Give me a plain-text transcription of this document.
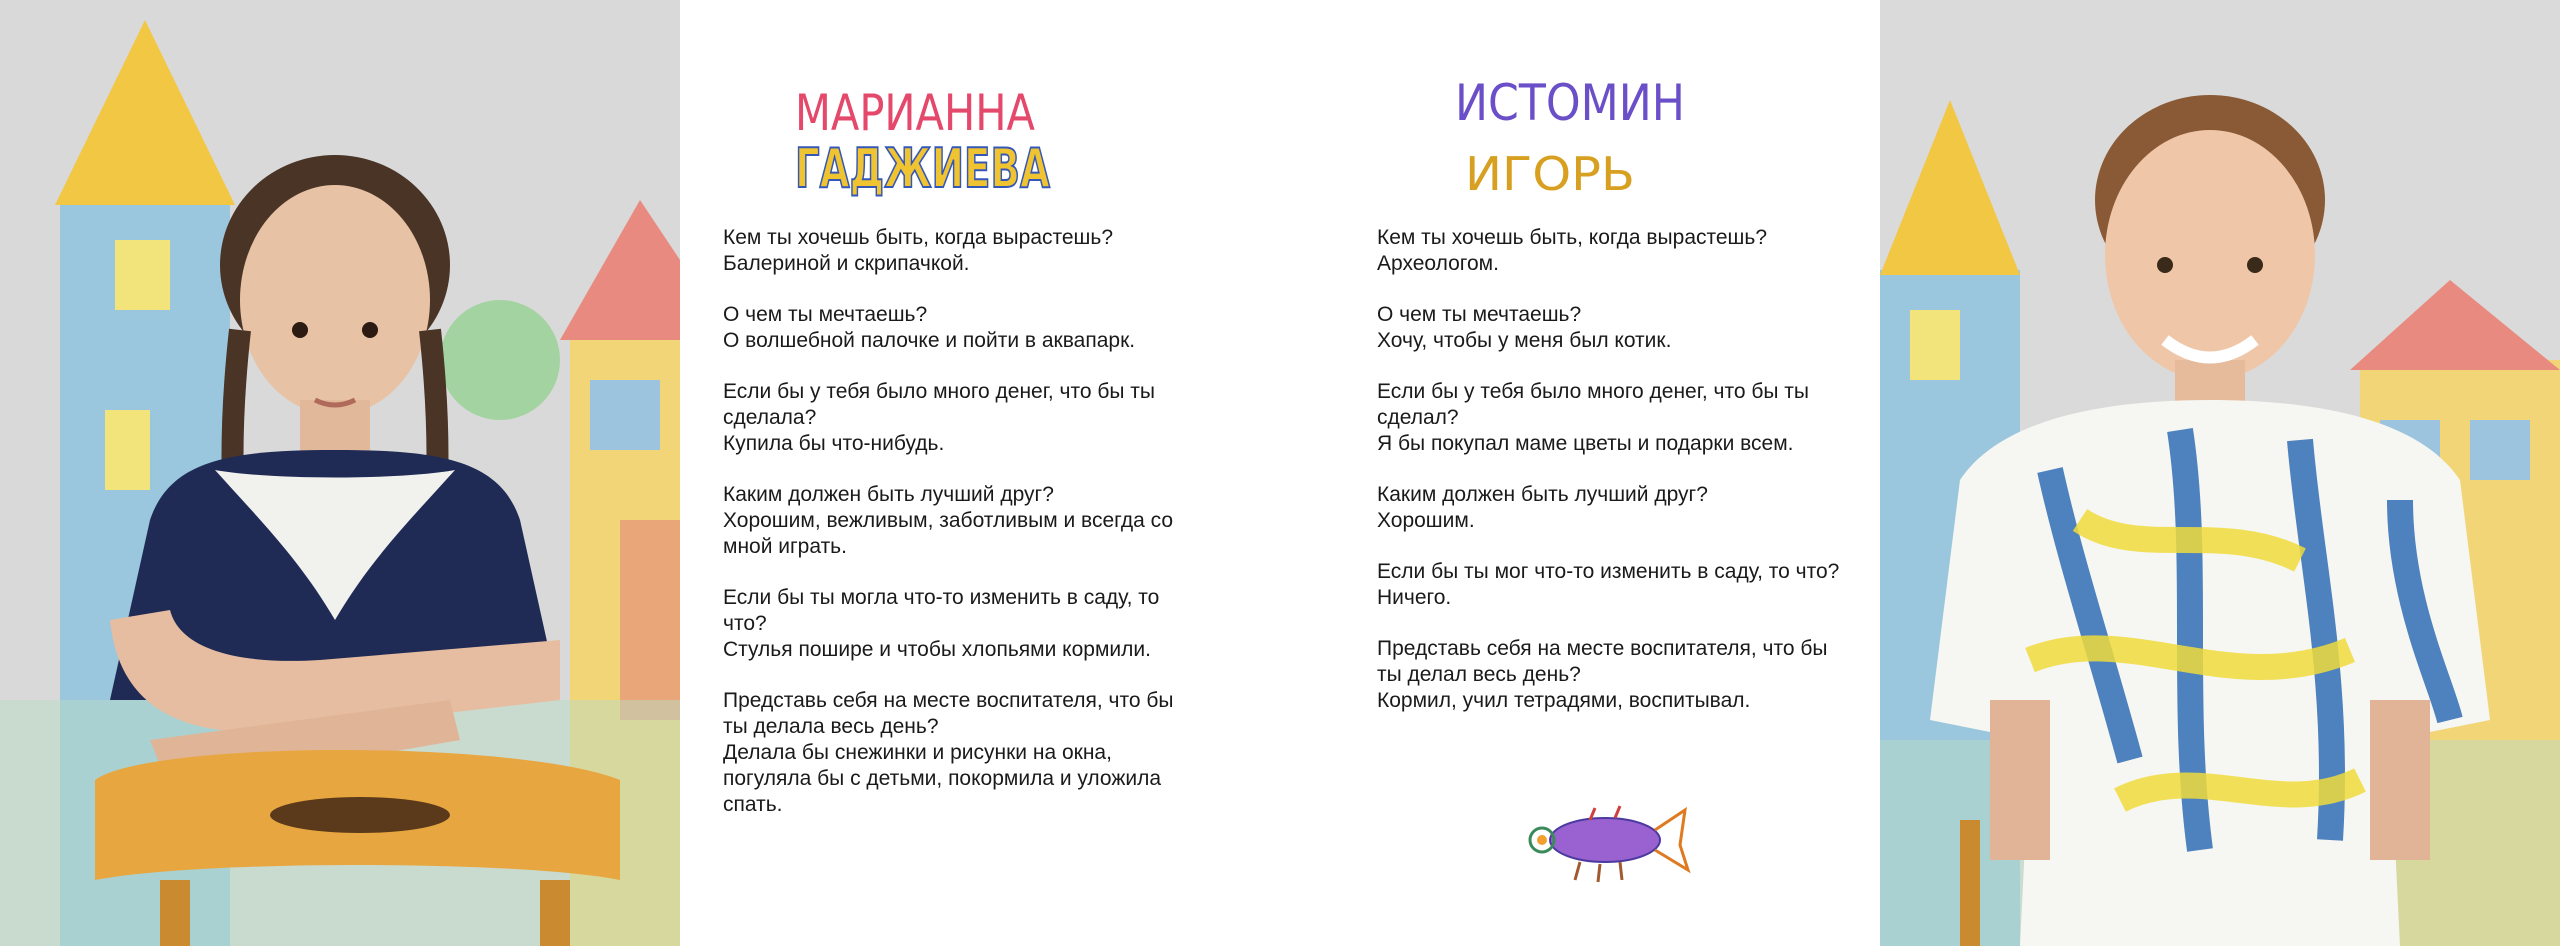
МАРИАННА
ГАДЖИЕВА
ИСТОМИН
ИГОРЬ

Кем ты хочешь быть, когда вырастешь?

Балериной и скрипачкой.

О чем ты мечтаешь?

О волшебной палочке и пойти в аквапарк.

Если бы у тебя было много денег, что бы ты сделала?

Купила бы что-нибудь.

Каким должен быть лучший друг?

Хорошим, вежливым, заботливым и всегда со мной играть.

Если бы ты могла что-то изменить в саду, то что?

Стулья пошире и чтобы хлопьями кормили.

Представь себя на месте воспитателя, что бы ты делала весь день?

Делала бы снежинки и рисунки на окна, погуляла бы с детьми, покормила и уложила спать.

Кем ты хочешь быть, когда вырастешь?

Археологом.

О чем ты мечтаешь?

Хочу, чтобы у меня был котик.

Если бы у тебя было много денег, что бы ты сделал?

Я бы покупал маме цветы и подарки всем.

Каким должен быть лучший друг?

Хорошим.

Если бы ты мог что-то изменить в саду, то что?

Ничего.

Представь себя на месте воспитателя, что бы ты делал весь день?

Кормил, учил тетрадями, воспитывал.
